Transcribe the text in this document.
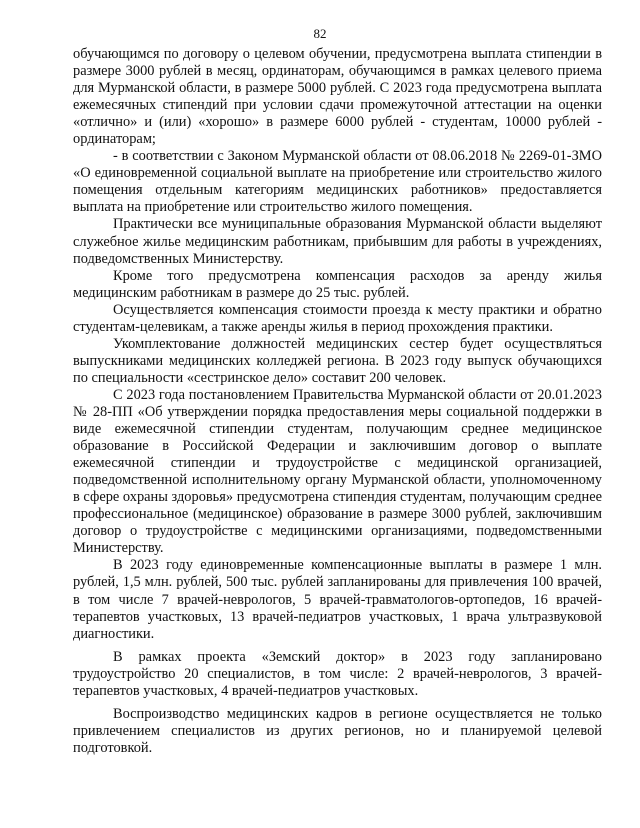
82

обучающимся по договору о целевом обучении, предусмотрена выплата стипендии в размере 3000 рублей в месяц, ординаторам, обучающимся в рамках целевого приема для Мурманской области, в размере 5000 рублей. С 2023 года предусмотрена выплата ежемесячных стипендий при условии сдачи промежуточной аттестации на оценки «отлично» и (или) «хорошо» в размере 6000 рублей - студентам, 10000 рублей - ординаторам;

- в соответствии с Законом Мурманской области от 08.06.2018 № 2269-01-ЗМО «О единовременной социальной выплате на приобретение или строительство жилого помещения отдельным категориям медицинских работников» предоставляется выплата на приобретение или строительство жилого помещения.

Практически все муниципальные образования Мурманской области выделяют служебное жилье медицинским работникам, прибывшим для работы в учреждениях, подведомственных Министерству.

Кроме того предусмотрена компенсация расходов за аренду жилья медицинским работникам в размере до 25 тыс. рублей.

Осуществляется компенсация стоимости проезда к месту практики и обратно студентам-целевикам, а также аренды жилья в период прохождения практики.

Укомплектование должностей медицинских сестер будет осуществляться выпускниками медицинских колледжей региона. В 2023 году выпуск обучающихся по специальности «сестринское дело» составит 200 человек.

С 2023 года постановлением Правительства Мурманской области от 20.01.2023 № 28-ПП «Об утверждении порядка предоставления меры социальной поддержки в виде ежемесячной стипендии студентам, получающим среднее медицинское образование в Российской Федерации и заключившим договор о выплате ежемесячной стипендии и трудоустройстве с медицинской организацией, подведомственной исполнительному органу Мурманской области, уполномоченному в сфере охраны здоровья» предусмотрена стипендия студентам, получающим среднее профессиональное (медицинское) образование в размере 3000 рублей, заключившим договор о трудоустройстве с медицинскими организациями, подведомственными Министерству.

В 2023 году единовременные компенсационные выплаты в размере 1 млн. рублей, 1,5 млн. рублей, 500 тыс. рублей запланированы для привлечения 100 врачей, в том числе 7 врачей-неврологов, 5 врачей-травматологов-ортопедов, 16 врачей-терапевтов участковых, 13 врачей-педиатров участковых, 1 врача ультразвуковой диагностики.

В рамках проекта «Земский доктор» в 2023 году запланировано трудоустройство 20 специалистов, в том числе: 2 врачей-неврологов, 3 врачей-терапевтов участковых, 4 врачей-педиатров участковых.

Воспроизводство медицинских кадров в регионе осуществляется не только привлечением специалистов из других регионов, но и планируемой целевой подготовкой.
